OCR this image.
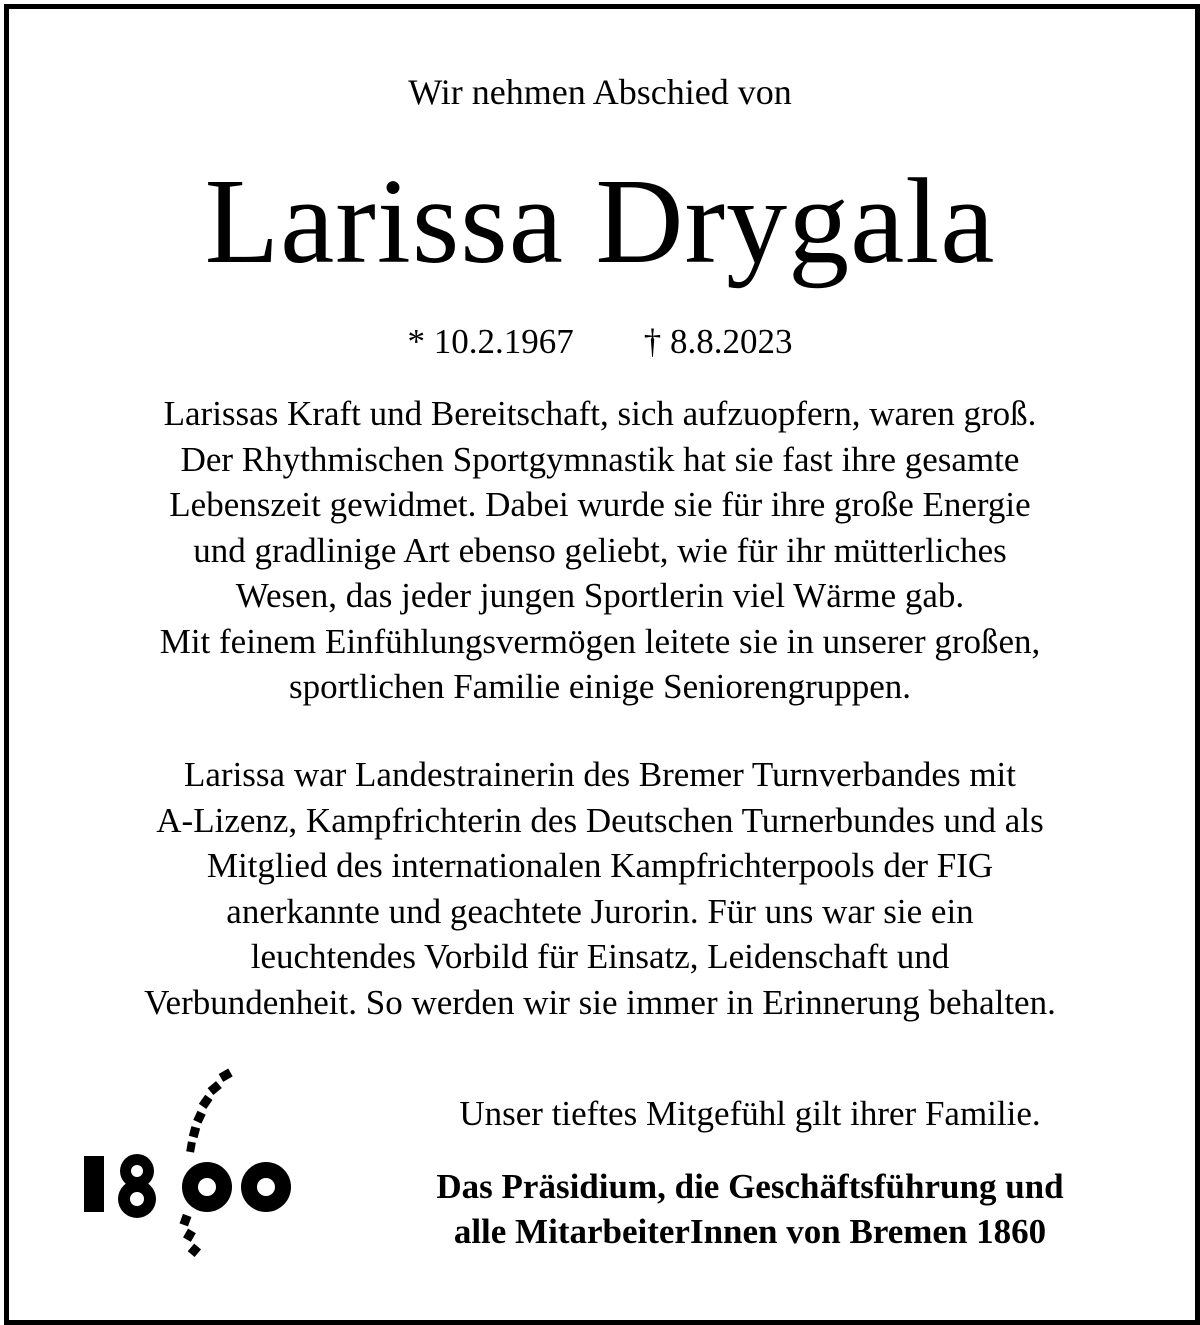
Wir nehmen Abschied von
Larissa Drygala
* 10.2.1967 † 8.8.2023
Larissas Kraft und Bereitschaft, sich aufzuopfern, waren groß.
Der Rhythmischen Sportgymnastik hat sie fast ihre gesamte
Lebenszeit gewidmet. Dabei wurde sie für ihre große Energie
und gradlinige Art ebenso geliebt, wie für ihr mütterliches
Wesen, das jeder jungen Sportlerin viel Wärme gab.
Mit feinem Einfühlungsvermögen leitete sie in unserer großen,
sportlichen Familie einige Seniorengruppen.
Larissa war Landestrainerin des Bremer Turnverbandes mit
A-Lizenz, Kampfrichterin des Deutschen Turnerbundes und als
Mitglied des internationalen Kampfrichterpools der FIG
anerkannte und geachtete Jurorin. Für uns war sie ein
leuchtendes Vorbild für Einsatz, Leidenschaft und
Verbundenheit. So werden wir sie immer in Erinnerung behalten.
1860
Unser tieftes Mitgefühl gilt ihrer Familie.
Das Präsidium, die Geschäftsführung und
alle MitarbeiterInnen von Bremen 1860
